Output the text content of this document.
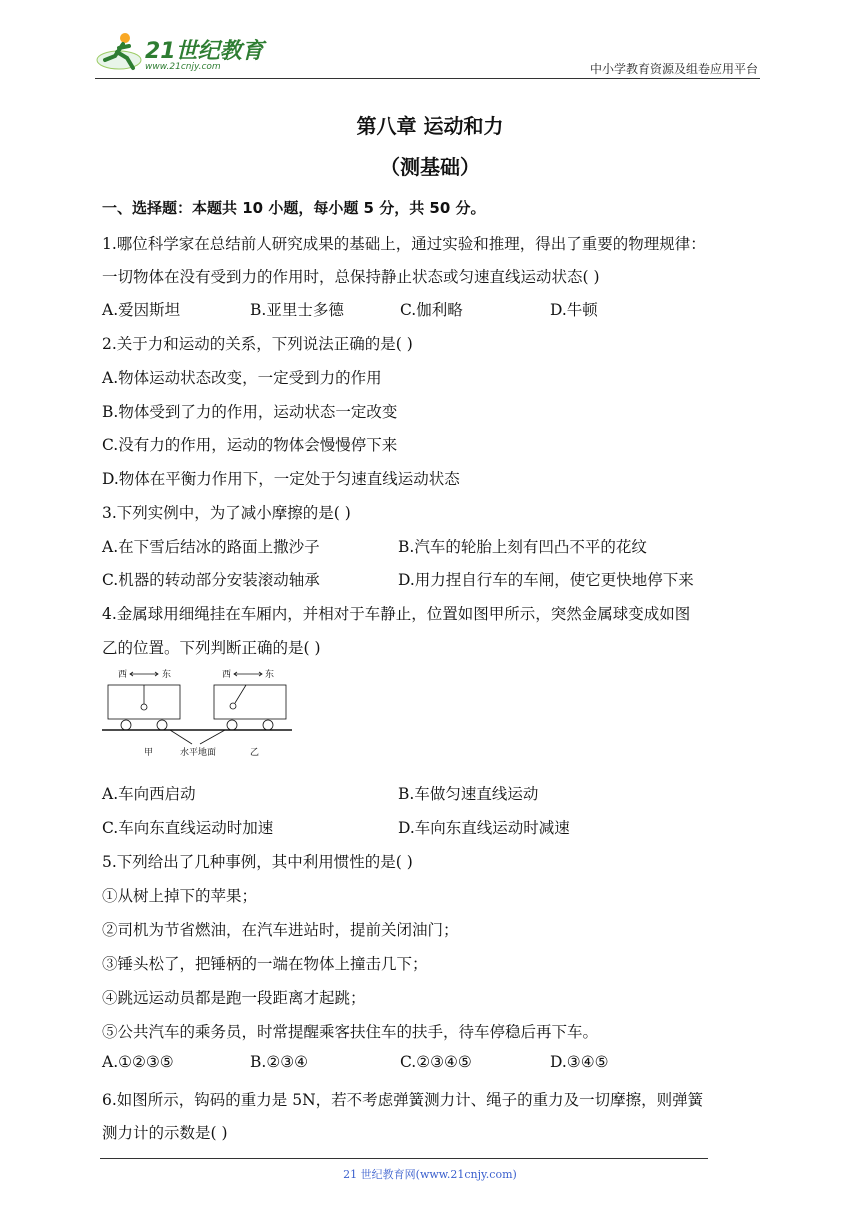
21世纪教育
www.21cnjy.com	中小学教育资源及组卷应用平台
第八章 运动和力
（测基础）
一、选择题：本题共 10 小题，每小题 5 分，共 50 分。
1.哪位科学家在总结前人研究成果的基础上，通过实验和推理，得出了重要的物理规律：
一切物体在没有受到力的作用时，总保持静止状态或匀速直线运动状态( )
A.爱因斯坦	B.亚里士多德	C.伽利略	D.牛顿
2.关于力和运动的关系，下列说法正确的是( )
A.物体运动状态改变，一定受到力的作用
B.物体受到了力的作用，运动状态一定改变
C.没有力的作用，运动的物体会慢慢停下来
D.物体在平衡力作用下，一定处于匀速直线运动状态
3.下列实例中，为了减小摩擦的是( )
A.在下雪后结冰的路面上撒沙子	B.汽车的轮胎上刻有凹凸不平的花纹
C.机器的转动部分安装滚动轴承	D.用力捏自行车的车闸，使它更快地停下来
4.金属球用细绳挂在车厢内，并相对于车静止，位置如图甲所示，突然金属球变成如图
乙的位置。下列判断正确的是( )
西	东	西	东
甲	水平地面	乙
A.车向西启动	B.车做匀速直线运动
C.车向东直线运动时加速	D.车向东直线运动时减速
5.下列给出了几种事例，其中利用惯性的是( )
①从树上掉下的苹果；
②司机为节省燃油，在汽车进站时，提前关闭油门；
③锤头松了，把锤柄的一端在物体上撞击几下；
④跳远运动员都是跑一段距离才起跳；
⑤公共汽车的乘务员，时常提醒乘客扶住车的扶手，待车停稳后再下车。
A.①②③⑤	B.②③④	C.②③④⑤	D.③④⑤
6.如图所示，钩码的重力是 5N，若不考虑弹簧测力计、绳子的重力及一切摩擦，则弹簧
测力计的示数是( )
21 世纪教育网(www.21cnjy.com)
